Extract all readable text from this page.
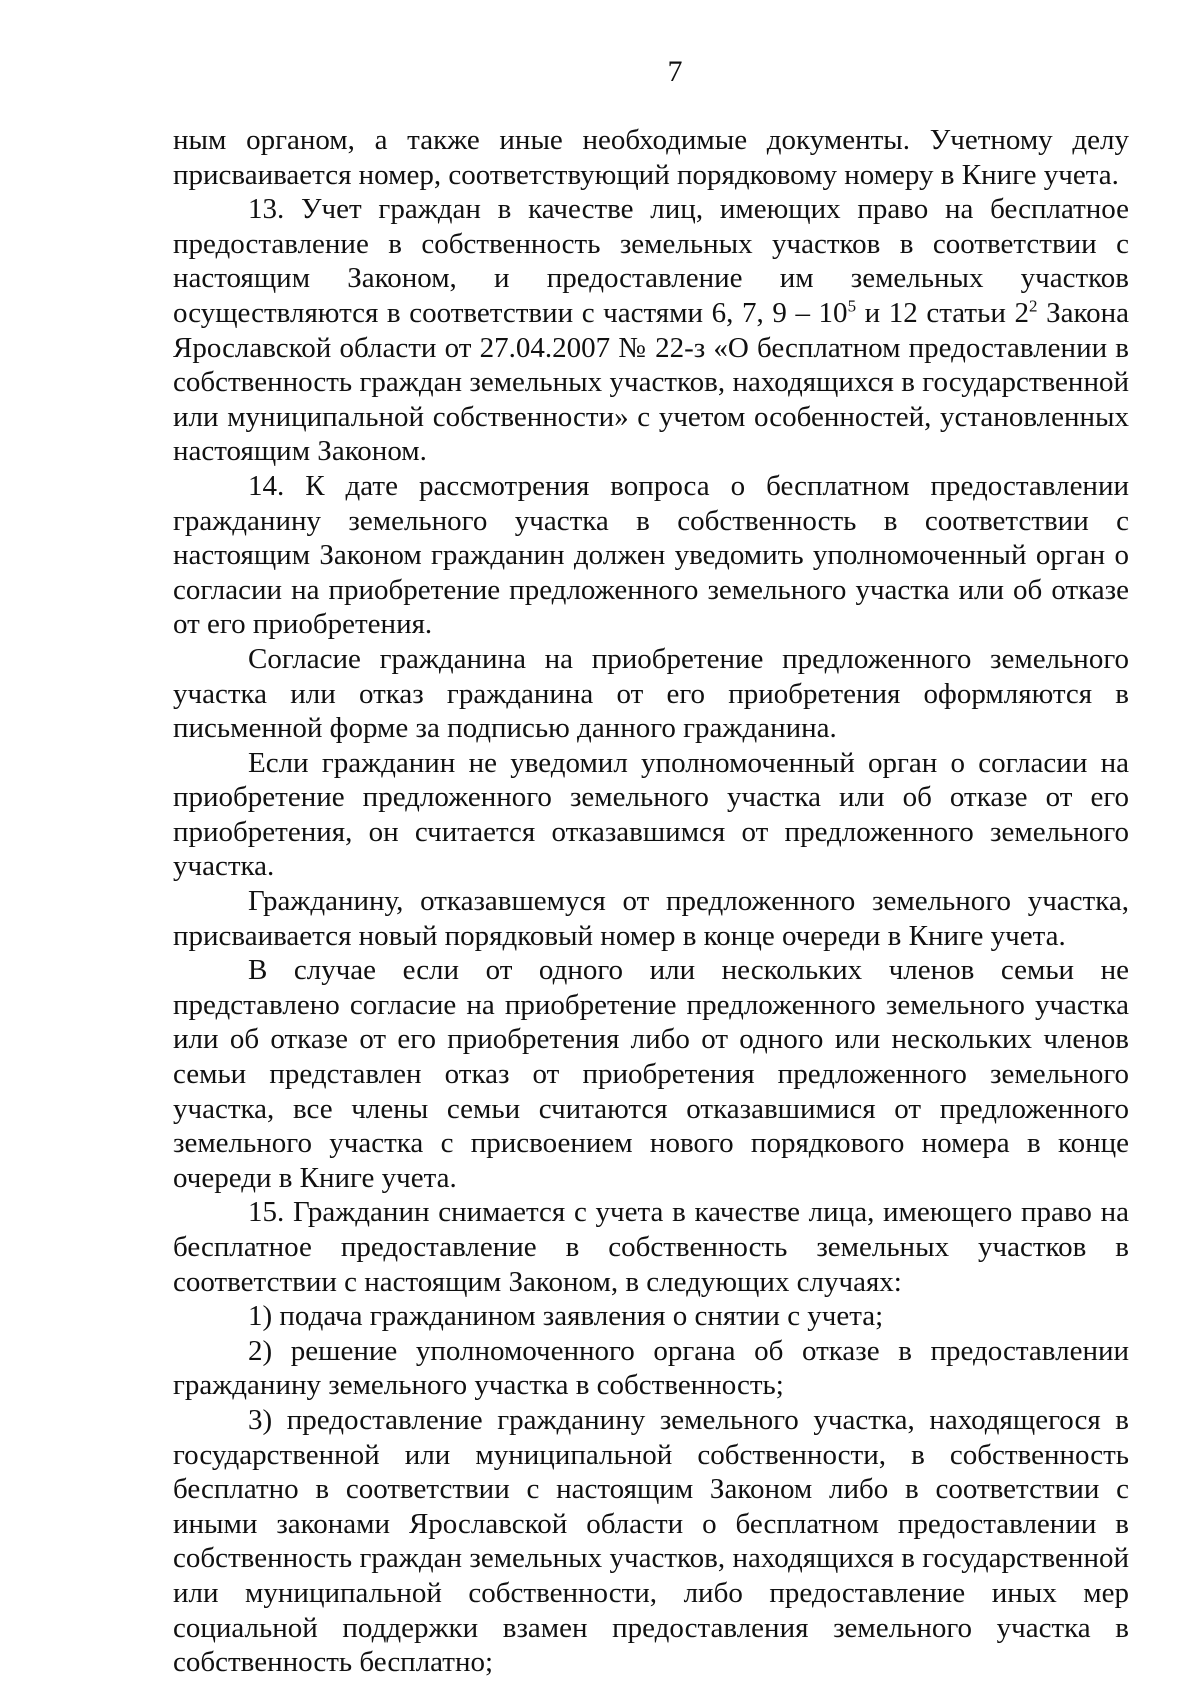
7

ным органом, а также иные необходимые документы. Учетному делу присваивается номер, соответствующий порядковому номеру в Книге учета.

13. Учет граждан в качестве лиц, имеющих право на бесплатное предоставление в собственность земельных участков в соответствии с настоящим Законом, и предоставление им земельных участков осуществляются в соответствии с частями 6, 7, $9 - 10^5$ и 12 статьи $2^2$ Закона Ярославской области от 27.04.2007 № 22-з «О бесплатном предоставлении в собственность граждан земельных участков, находящихся в государственной или муниципальной собственности» с учетом особенностей, установленных настоящим Законом.

14. К дате рассмотрения вопроса о бесплатном предоставлении гражданину земельного участка в собственность в соответствии с настоящим Законом гражданин должен уведомить уполномоченный орган о согласии на приобретение предложенного земельного участка или об отказе от его приобретения.

Согласие гражданина на приобретение предложенного земельного участка или отказ гражданина от его приобретения оформляются в письменной форме за подписью данного гражданина.

Если гражданин не уведомил уполномоченный орган о согласии на приобретение предложенного земельного участка или об отказе от его приобретения, он считается отказавшимся от предложенного земельного участка.

Гражданину, отказавшемуся от предложенного земельного участка, присваивается новый порядковый номер в конце очереди в Книге учета.

В случае если от одного или нескольких членов семьи не представлено согласие на приобретение предложенного земельного участка или об отказе от его приобретения либо от одного или нескольких членов семьи представлен отказ от приобретения предложенного земельного участка, все члены семьи считаются отказавшимися от предложенного земельного участка с присвоением нового порядкового номера в конце очереди в Книге учета.

15. Гражданин снимается с учета в качестве лица, имеющего право на бесплатное предоставление в собственность земельных участков в соответствии с настоящим Законом, в следующих случаях:

1) подача гражданином заявления о снятии с учета;

2) решение уполномоченного органа об отказе в предоставлении гражданину земельного участка в собственность;

3) предоставление гражданину земельного участка, находящегося в государственной или муниципальной собственности, в собственность бесплатно в соответствии с настоящим Законом либо в соответствии с иными законами Ярославской области о бесплатном предоставлении в собственность граждан земельных участков, находящихся в государственной или муниципальной собственности, либо предоставление иных мер социальной поддержки взамен предоставления земельного участка в собственность бесплатно;
